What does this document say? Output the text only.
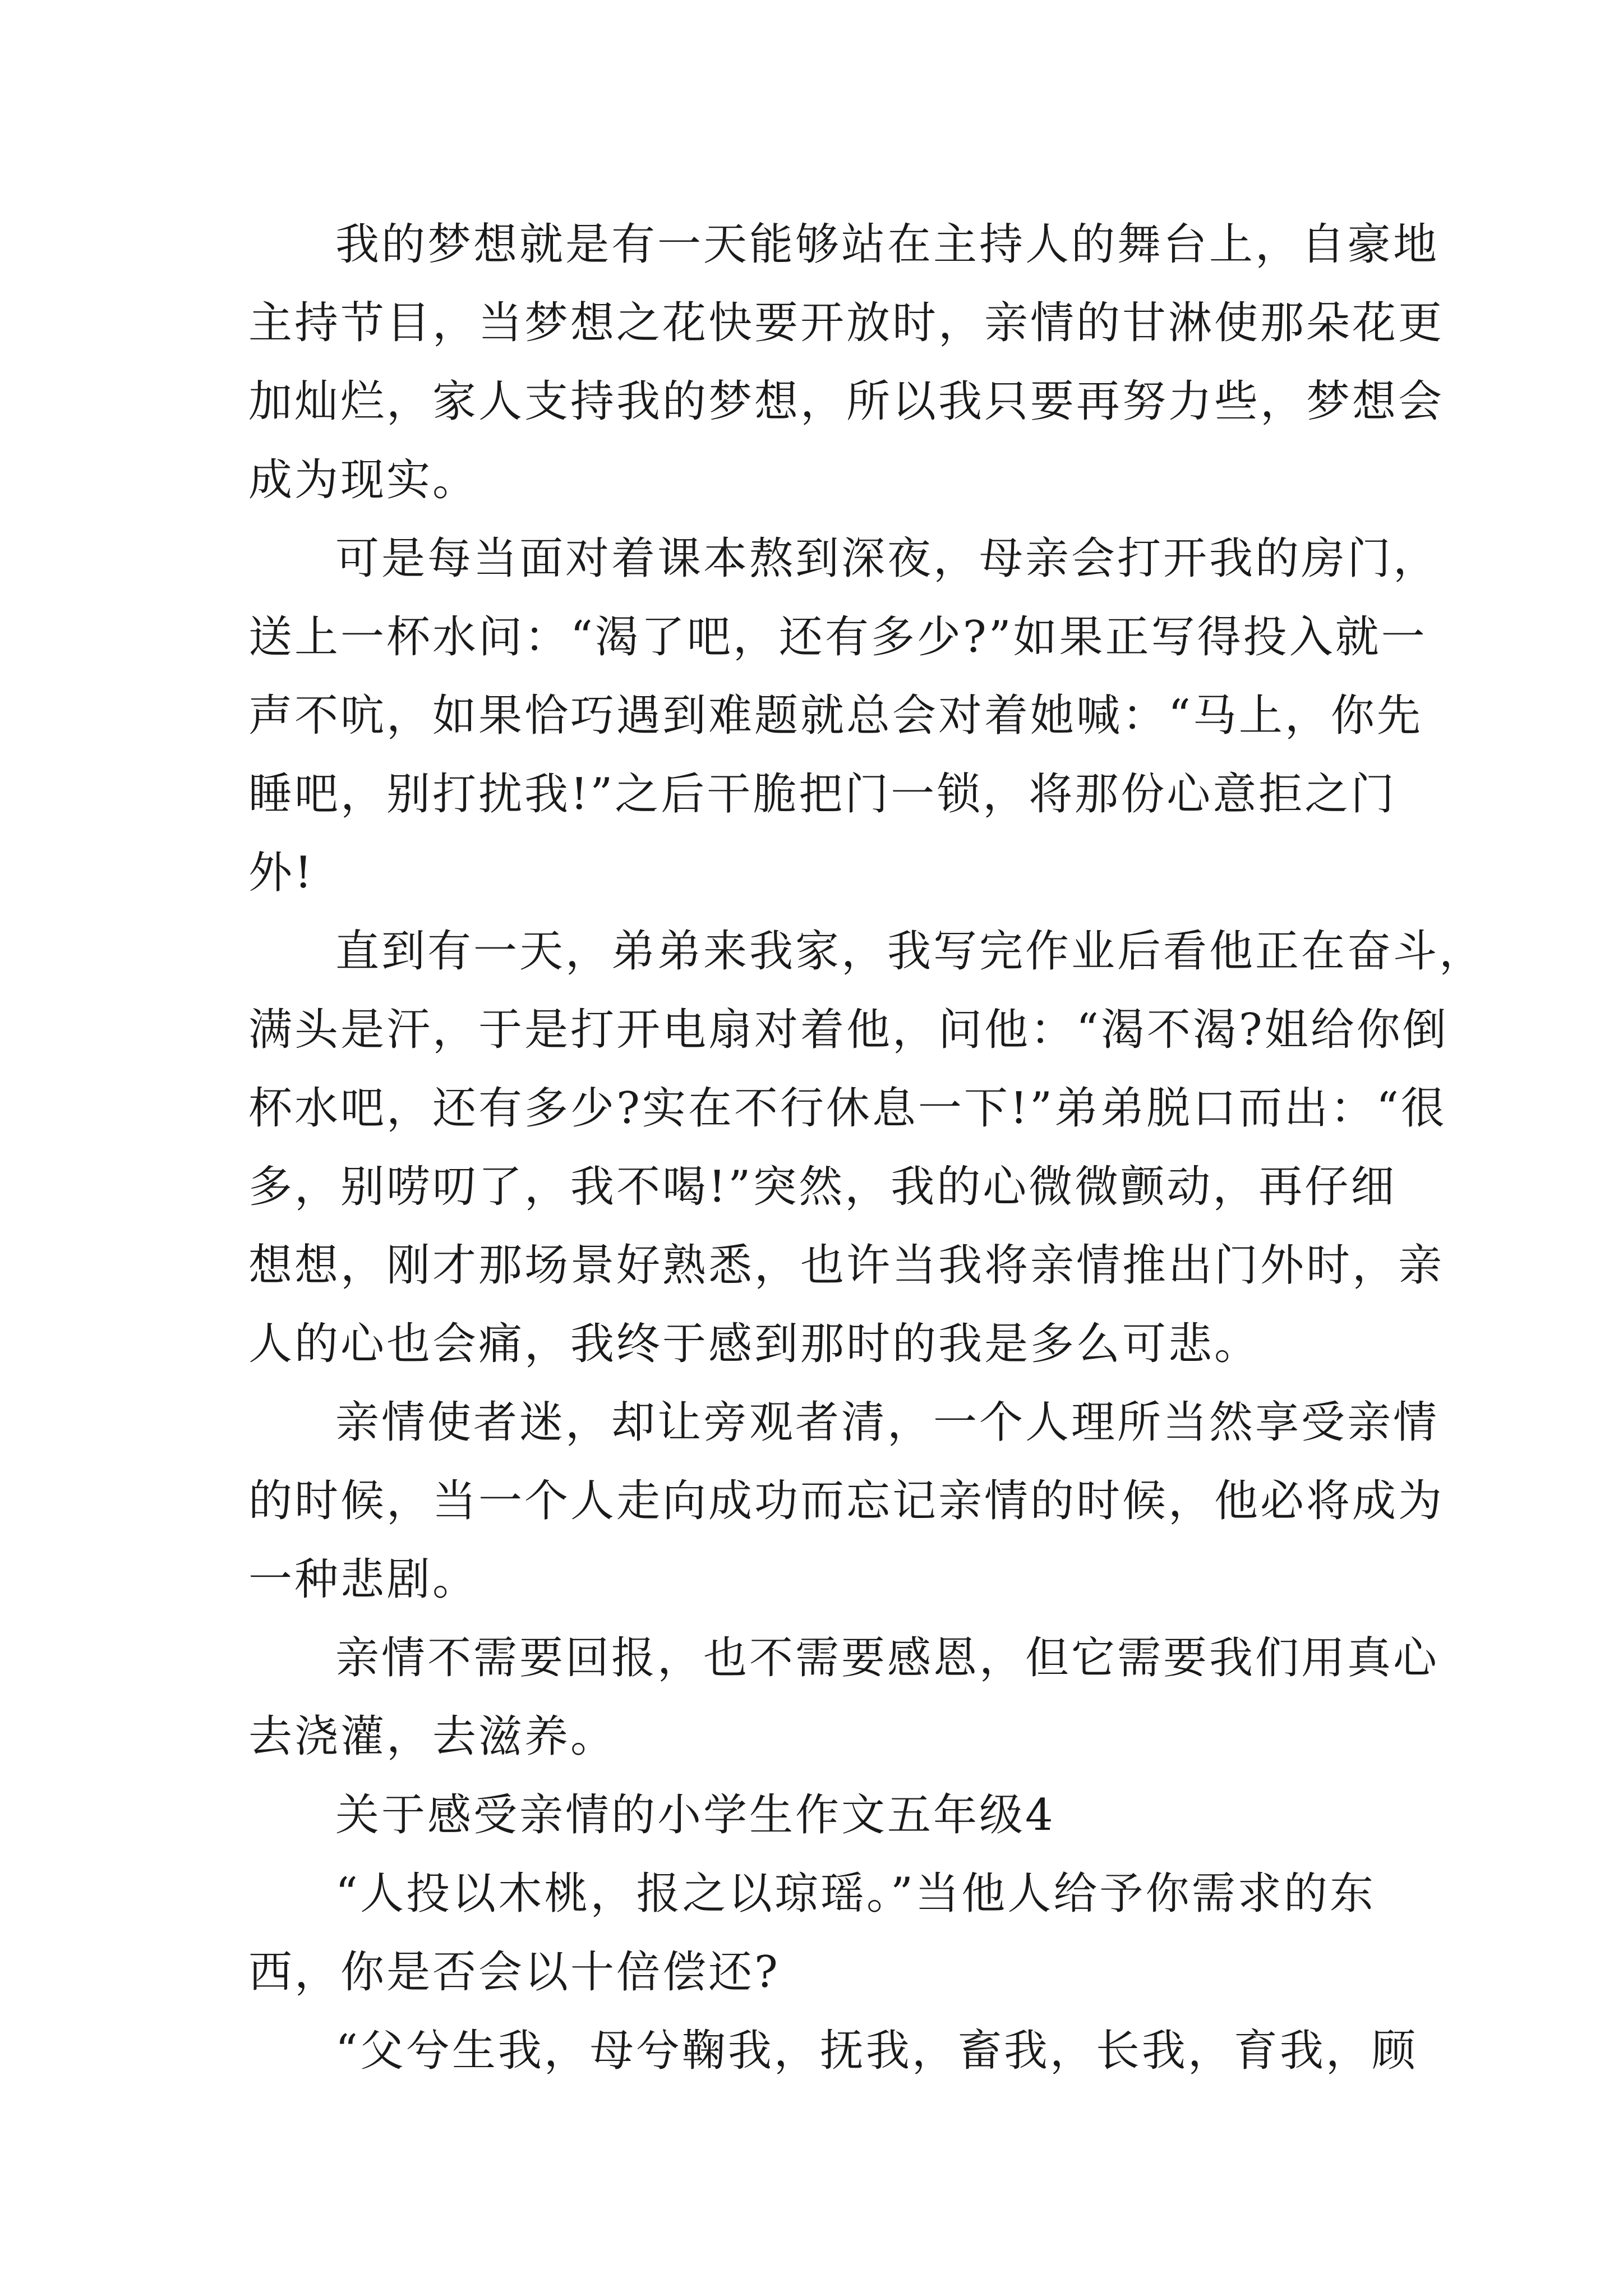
我的梦想就是有一天能够站在主持人的舞台上，自豪地
主持节目，当梦想之花快要开放时，亲情的甘淋使那朵花更
加灿烂，家人支持我的梦想，所以我只要再努力些，梦想会
成为现实。
可是每当面对着课本熬到深夜，母亲会打开我的房门，
送上一杯水问：“渴了吧，还有多少?”如果正写得投入就一
声不吭，如果恰巧遇到难题就总会对着她喊：“马上，你先
睡吧，别打扰我!”之后干脆把门一锁，将那份心意拒之门
外!
直到有一天，弟弟来我家，我写完作业后看他正在奋斗，
满头是汗，于是打开电扇对着他，问他：“渴不渴?姐给你倒
杯水吧，还有多少?实在不行休息一下!”弟弟脱口而出：“很
多，别唠叨了，我不喝!”突然，我的心微微颤动，再仔细
想想，刚才那场景好熟悉，也许当我将亲情推出门外时，亲
人的心也会痛，我终于感到那时的我是多么可悲。
亲情使者迷，却让旁观者清，一个人理所当然享受亲情
的时候，当一个人走向成功而忘记亲情的时候，他必将成为
一种悲剧。
亲情不需要回报，也不需要感恩，但它需要我们用真心
去浇灌，去滋养。
关于感受亲情的小学生作文五年级4
“人投以木桃，报之以琼瑶。”当他人给予你需求的东
西，你是否会以十倍偿还?
“父兮生我，母兮鞠我，抚我，畜我，长我，育我，顾
